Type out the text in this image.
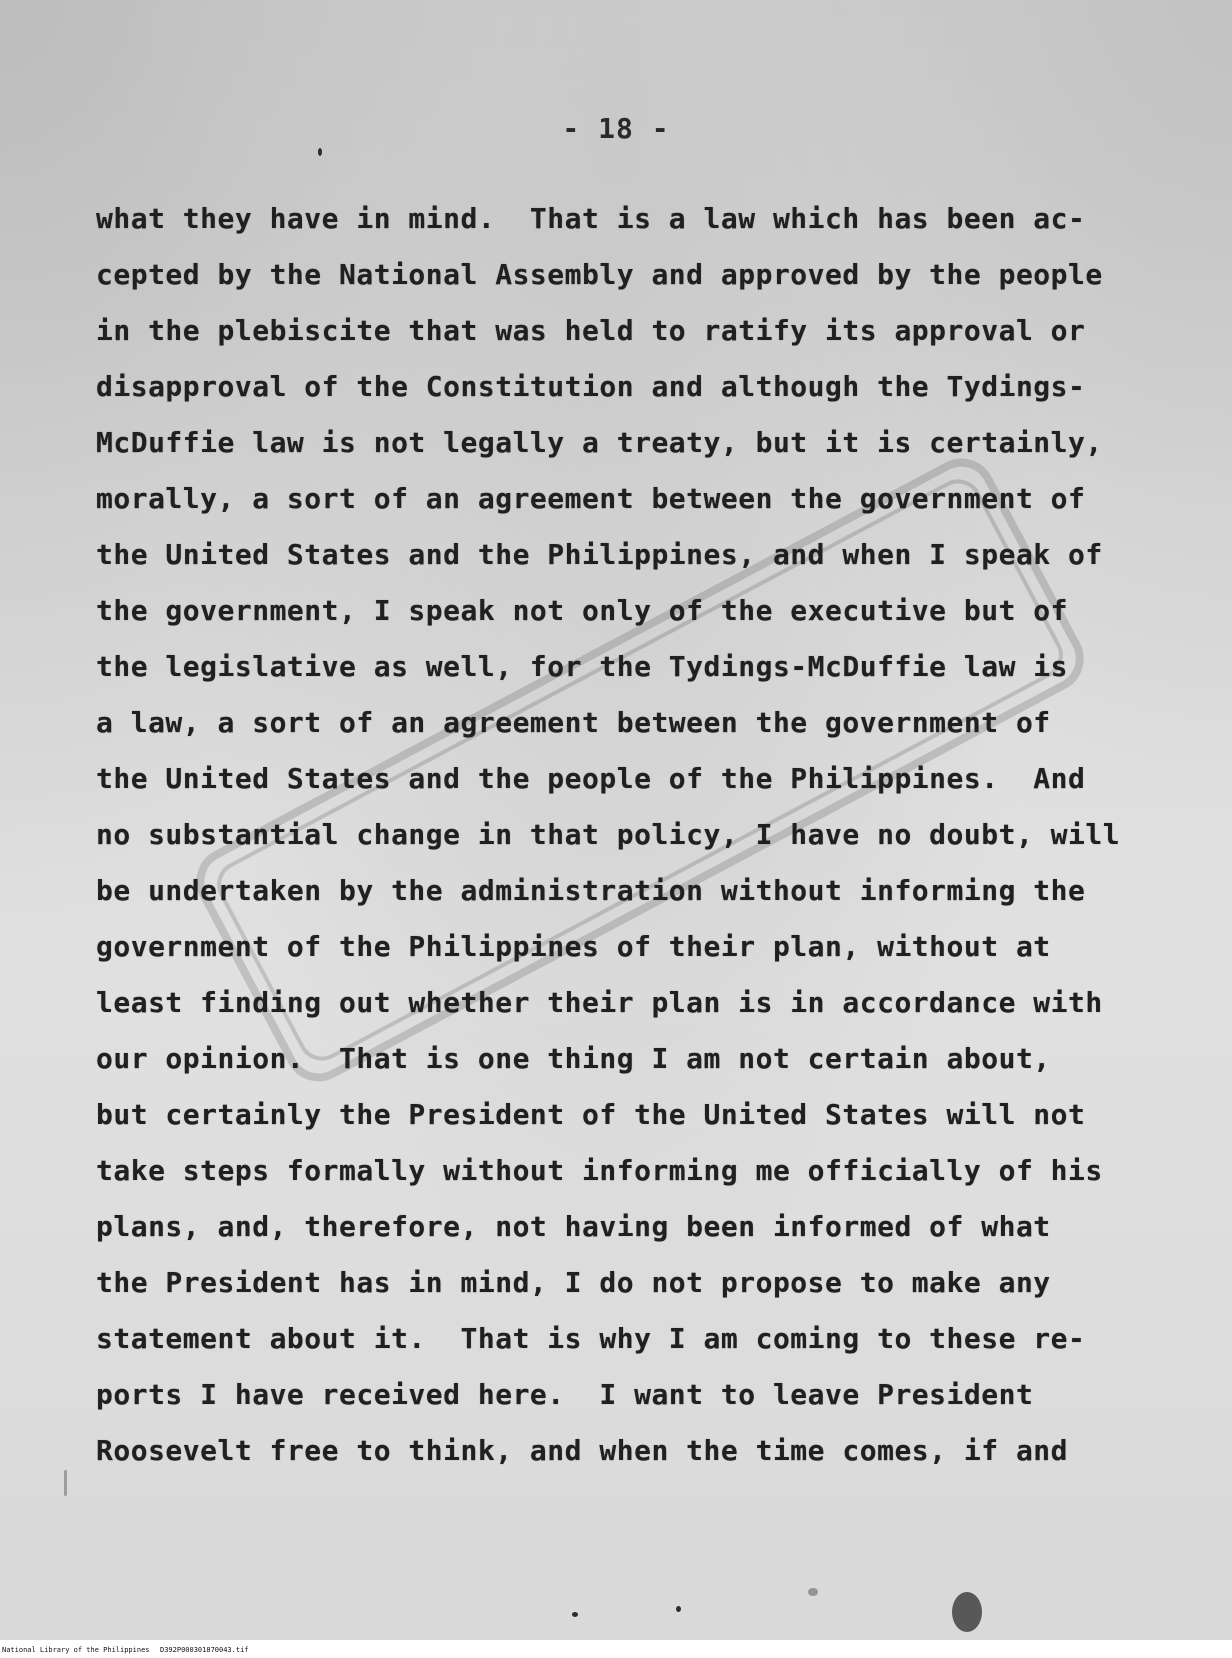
- 18 -
what they have in mind.  That is a law which has been ac-
cepted by the National Assembly and approved by the people
in the plebiscite that was held to ratify its approval or
disapproval of the Constitution and although the Tydings-
McDuffie law is not legally a treaty, but it is certainly,
morally, a sort of an agreement between the government of
the United States and the Philippines, and when I speak of
the government, I speak not only of the executive but of
the legislative as well, for the Tydings-McDuffie law is
a law, a sort of an agreement between the government of
the United States and the people of the Philippines.  And
no substantial change in that policy, I have no doubt, will
be undertaken by the administration without informing the
government of the Philippines of their plan, without at
least finding out whether their plan is in accordance with
our opinion.  That is one thing I am not certain about,
but certainly the President of the United States will not
take steps formally without informing me officially of his
plans, and, therefore, not having been informed of what
the President has in mind, I do not propose to make any
statement about it.  That is why I am coming to these re-
ports I have received here.  I want to leave President
Roosevelt free to think, and when the time comes, if and
National Library of the Philippines D392P000301870043.tif
